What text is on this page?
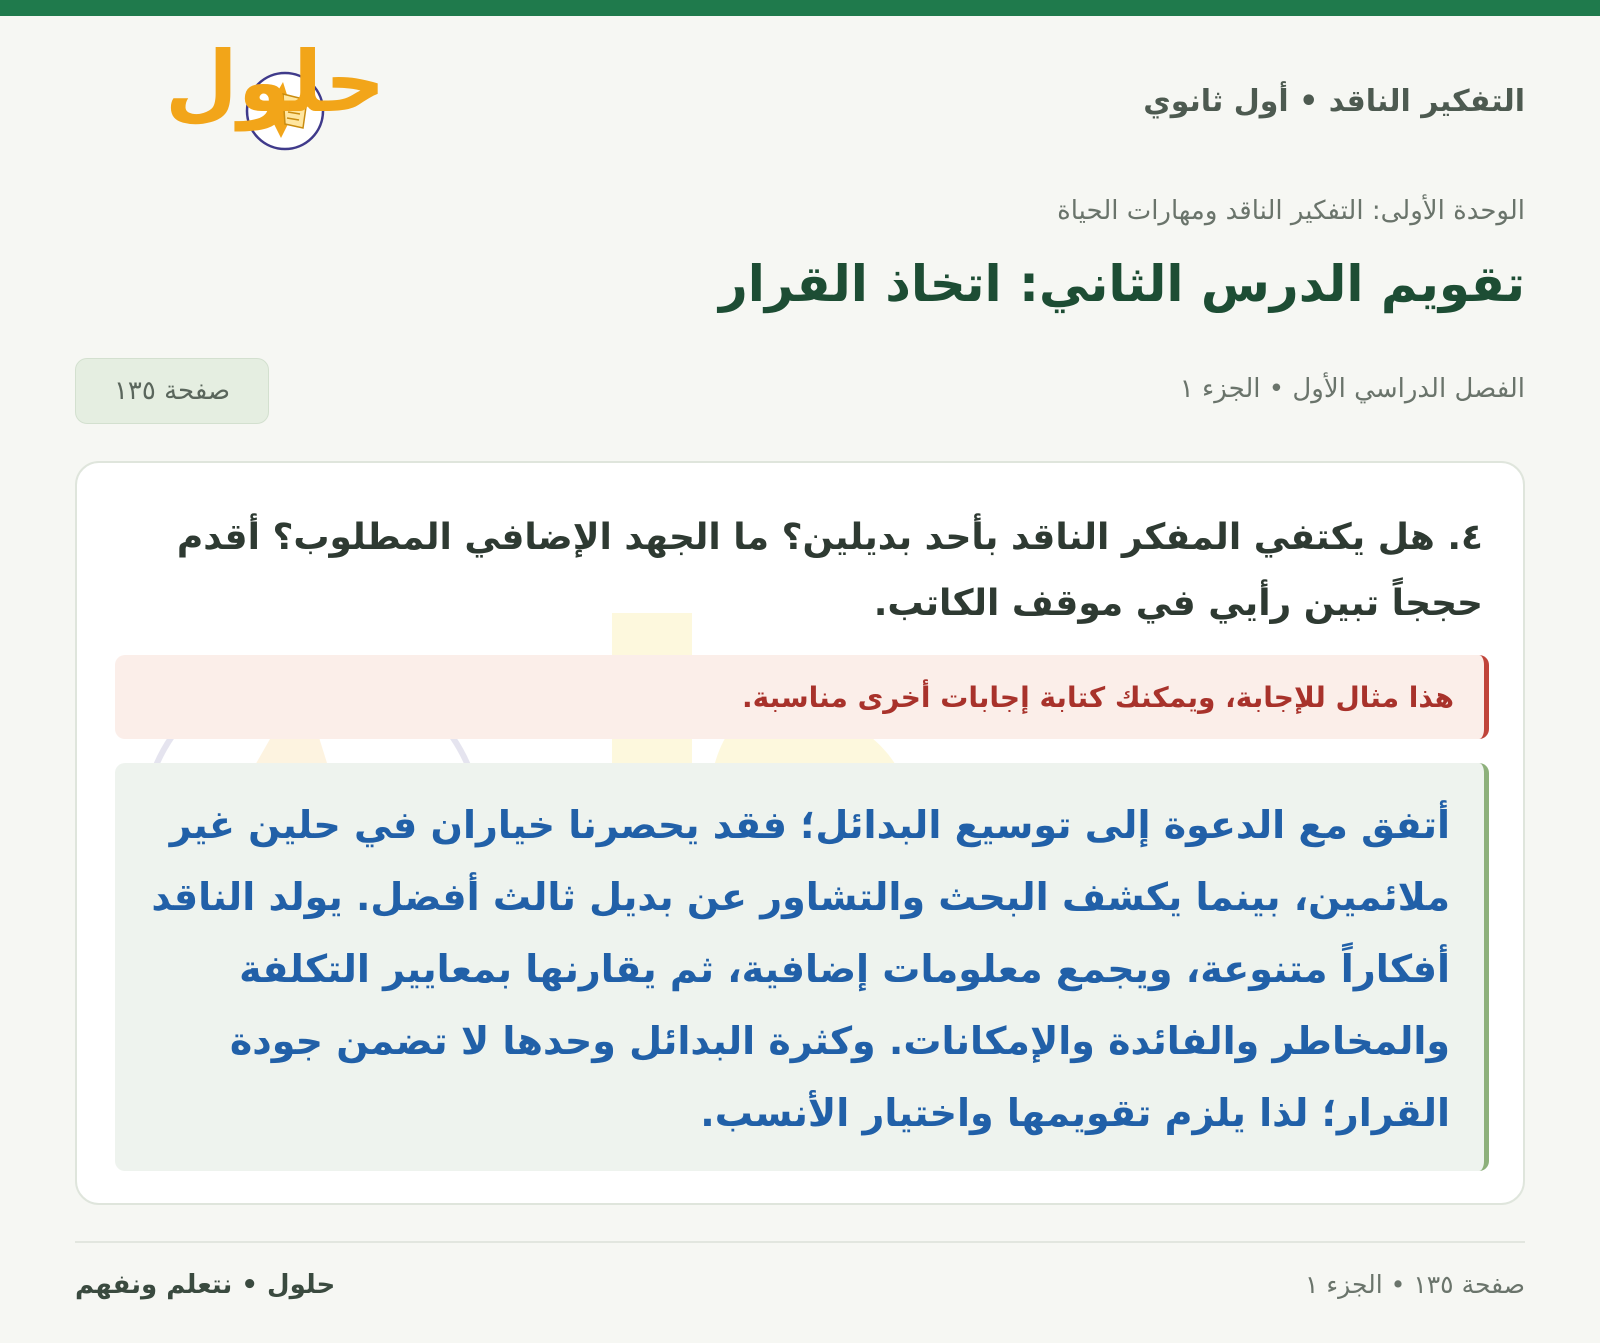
التفكير الناقد • أول ثانوي
حلول
الوحدة الأولى: التفكير الناقد ومهارات الحياة
تقويم الدرس الثاني: اتخاذ القرار
الفصل الدراسي الأول • الجزء ١
صفحة ١٣٥
٤. هل يكتفي المفكر الناقد بأحد بديلين؟ ما الجهد الإضافي المطلوب؟ أقدم حججاً تبين رأيي في موقف الكاتب.
هذا مثال للإجابة، ويمكنك كتابة إجابات أخرى مناسبة.
أتفق مع الدعوة إلى توسيع البدائل؛ فقد يحصرنا خياران في حلين غير ملائمين، بينما يكشف البحث والتشاور عن بديل ثالث أفضل. يولد الناقد أفكاراً متنوعة، ويجمع معلومات إضافية، ثم يقارنها بمعايير التكلفة والمخاطر والفائدة والإمكانات. وكثرة البدائل وحدها لا تضمن جودة القرار؛ لذا يلزم تقويمها واختيار الأنسب.
صفحة ١٣٥ • الجزء ١
حلول • نتعلم ونفهم
